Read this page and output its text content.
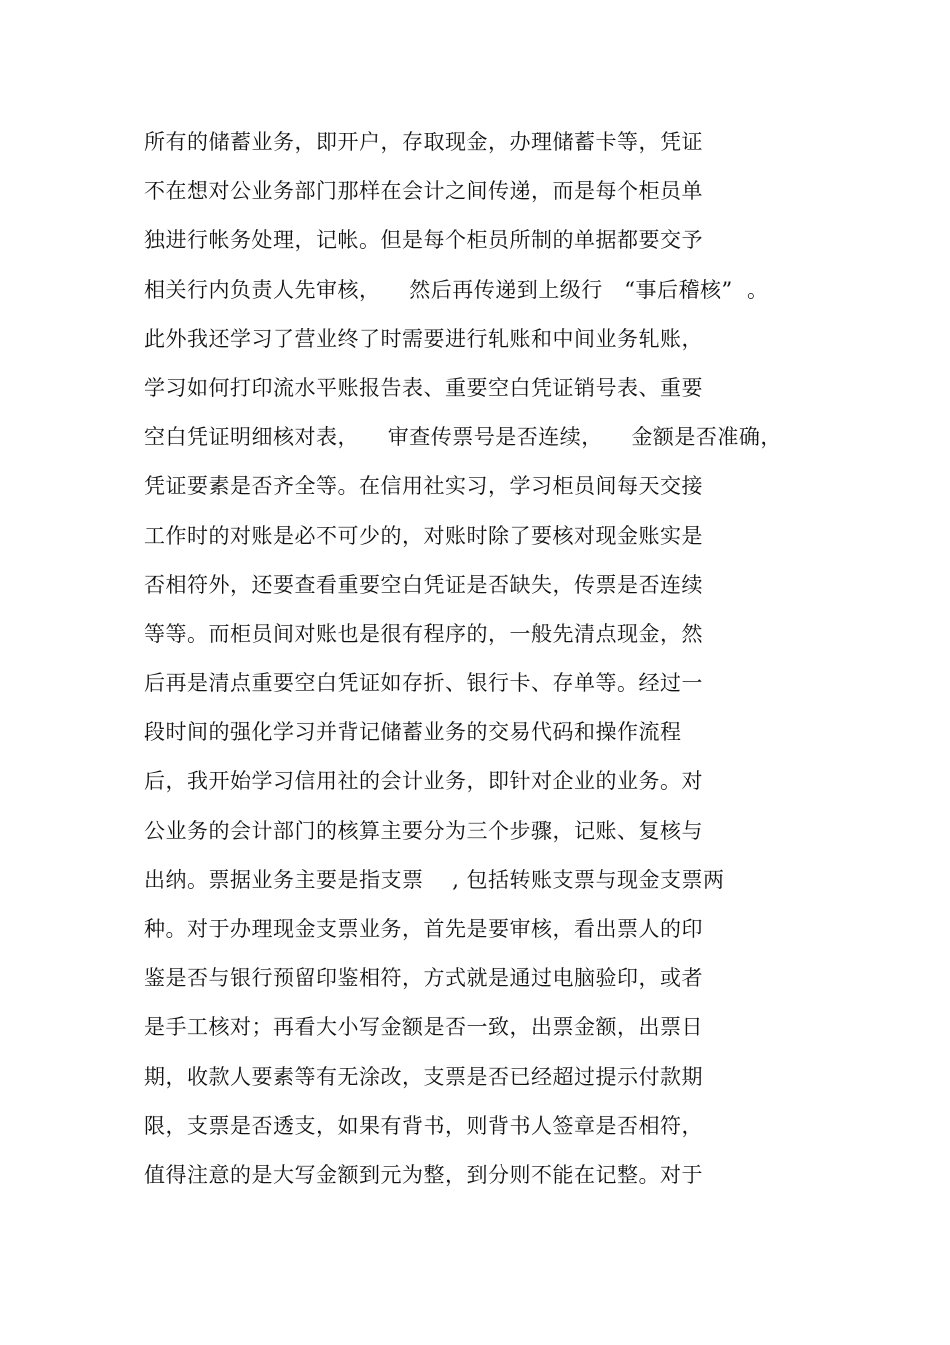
所有的储蓄业务，即开户，存取现金，办理储蓄卡等，凭证

不在想对公业务部门那样在会计之间传递，而是每个柜员单

独进行帐务处理，记帐。但是每个柜员所制的单据都要交予

相关行内负责人先审核，    然后再传递到上级行   “事后稽核”  。

此外我还学习了营业终了时需要进行轧账和中间业务轧账，

学习如何打印流水平账报告表、重要空白凭证销号表、重要

空白凭证明细核对表，    审查传票号是否连续，    金额是否准确，

凭证要素是否齐全等。在信用社实习，学习柜员间每天交接

工作时的对账是必不可少的，对账时除了要核对现金账实是

否相符外，还要查看重要空白凭证是否缺失，传票是否连续

等等。而柜员间对账也是很有程序的，一般先清点现金，然

后再是清点重要空白凭证如存折、银行卡、存单等。经过一

段时间的强化学习并背记储蓄业务的交易代码和操作流程

后，我开始学习信用社的会计业务，即针对企业的业务。对

公业务的会计部门的核算主要分为三个步骤，记账、复核与

出纳。票据业务主要是指支票    , 包括转账支票与现金支票两

种。对于办理现金支票业务，首先是要审核，看出票人的印

鉴是否与银行预留印鉴相符，方式就是通过电脑验印，或者

是手工核对；再看大小写金额是否一致，出票金额，出票日

期，收款人要素等有无涂改，支票是否已经超过提示付款期

限，支票是否透支，如果有背书，则背书人签章是否相符，

值得注意的是大写金额到元为整，到分则不能在记整。对于
